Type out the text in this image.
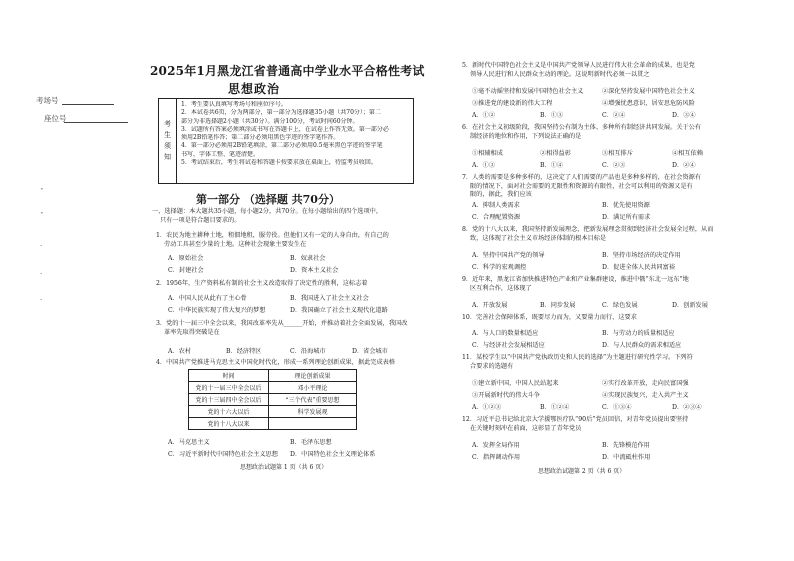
考场号
座位号
ˇ
ˇ
·
·
·
2025年1月黑龙江省普通高中学业水平合格性考试
思想政治
考
生
须
知

1．考生要认真填写考场号和座位序号。

2．本试卷共6页，分为两部分，第一部分为选择题35小题（共70分）；第二

部分为非选择题2小题（共30分）。满分100分，考试时间60分钟。

3．试题所有答案必须填涂或书写在答题卡上，在试卷上作答无效。第一部分必

须用2B铅笔作答；第二部分必须用黑色字迹的签字笔作答。

4．第一部分必须用2B铅笔填涂，第二部分必须用0.5毫米黑色字迹的签字笔

书写，字体工整、笔迹清楚。

5．考试结束后，考生将试卷和答题卡按要求放在桌面上，待监考员收回。

第一部分 （选择题 共70分）
一、选择题：本大题共35小题，每小题2分，共70分。在每小题给出的四个选项中，
只有一项是符合题目要求的。
1．农民为地主耕种土地，租佃地租，服劳役。但他们又有一定的人身自由，有自己的
劳动工具甚至少量的土地。这种社会现象主要发生在
A．原始社会	B．奴隶社会
C．封建社会	D．资本主义社会
2．1956年，生产资料私有制的社会主义改造取得了决定性的胜利，这标志着
A．中国人民从此有了主心骨	B．我国进入了社会主义社会
C．中华民族实现了伟大复兴的梦想	D．我国确立了社会主义现代化道路
3．党的十一届三中全会以来，我国改革率先从______开始，并推动着社会全面发展，我国改
革率先取得突破是在
A．农村	B．经济特区	C．沿海城市	D．省会城市
4．中国共产党推进马克思主义中国化时代化，形成一系列理论创新成果，据此完成表格
时间	理论创新成果
党的十一届三中全会以后	邓小平理论
党的十三届四中全会以后	“三个代表”重要思想
党的十六大以后	科学发展观
党的十八大以来	
A．马克思主义	B．毛泽东思想
C．习近平新时代中国特色社会主义思想 D．中国特色社会主义理论体系
思想政治试题第 1 页（共 6 页）
5．新时代中国特色社会主义是中国共产党领导人民进行伟大社会革命的成果，也是党
领导人民进行和人民群众主动的理论。这说明新时代必须一以贯之
①毫不动摇坚持和发展中国特色社会主义	②深化坚持发展中国特色社会主义
③推进党的建设新的伟大工程	④增强忧患意识，居安思危防风险
A．①②	B．①③	C．②④	D．③④
6．在社会主义初级阶段，我国坚持公有制为主体、多种所有制经济共同发展。关于公有
制经济的地位和作用，下列说法正确的是
①相辅相成	②相得益彰	③相互排斥	④相互依赖
A．①③	B．①④	C．②③	D．②④
7．人类的需要是多种多样的，这决定了人们需要的产品也是多种多样的，在社会资源有
限的情况下，面对社会需要的无限性和资源的有限性，社会可以利用的资源又是有
限的，据此，我们应该
A．抑制人类需求	B．优先使用资源
C．合理配置资源	D．满足所有需求
8．党的十八大以来，我国坚持新发展理念，把新发展理念贯彻到经济社会发展全过程，从而
致，这体现了社会主义市场经济体制的根本目标是
A．坚持中国共产党的领导	B．坚持市场经济的决定作用
C．科学的宏观调控	D．促进全体人民共同富裕
9．近年来，黑龙江省加快推进特色产业和产业集群建设，推进中俄“东北一远东”地
区互利合作，这体现了
A．开放发展	B．同步发展	C．绿色发展	D．创新发展
10．完善社会保障体系，既要尽力而为，又要量力而行，这要求
A．与人口的数量相适应	B．与劳动力的质量相适应
C．与经济社会发展相适应	D．与人民群众的需求相适应
11．某校学生以“中国共产党执政历史和人民的选择”为主题进行研究性学习。下列符
合要求的选题有
①建立新中国，中国人民站起来	②实行改革开放，走向民富国强
③开展新时代的伟大斗争	④实现民族复兴，走入共产主义
A．①②③	B．①②④	C．①③④	D．②③④
12．习近平总书记给北京大学援鄂医疗队“90后”党员回信，对青年党员提出要坚持
在关键时刻冲在前面，这彰显了青年党员
A．发挥全局作用	B．先锋模范作用
C．指挥调动作用	D．中流砥柱作用
思想政治试题第 2 页（共 6 页）
